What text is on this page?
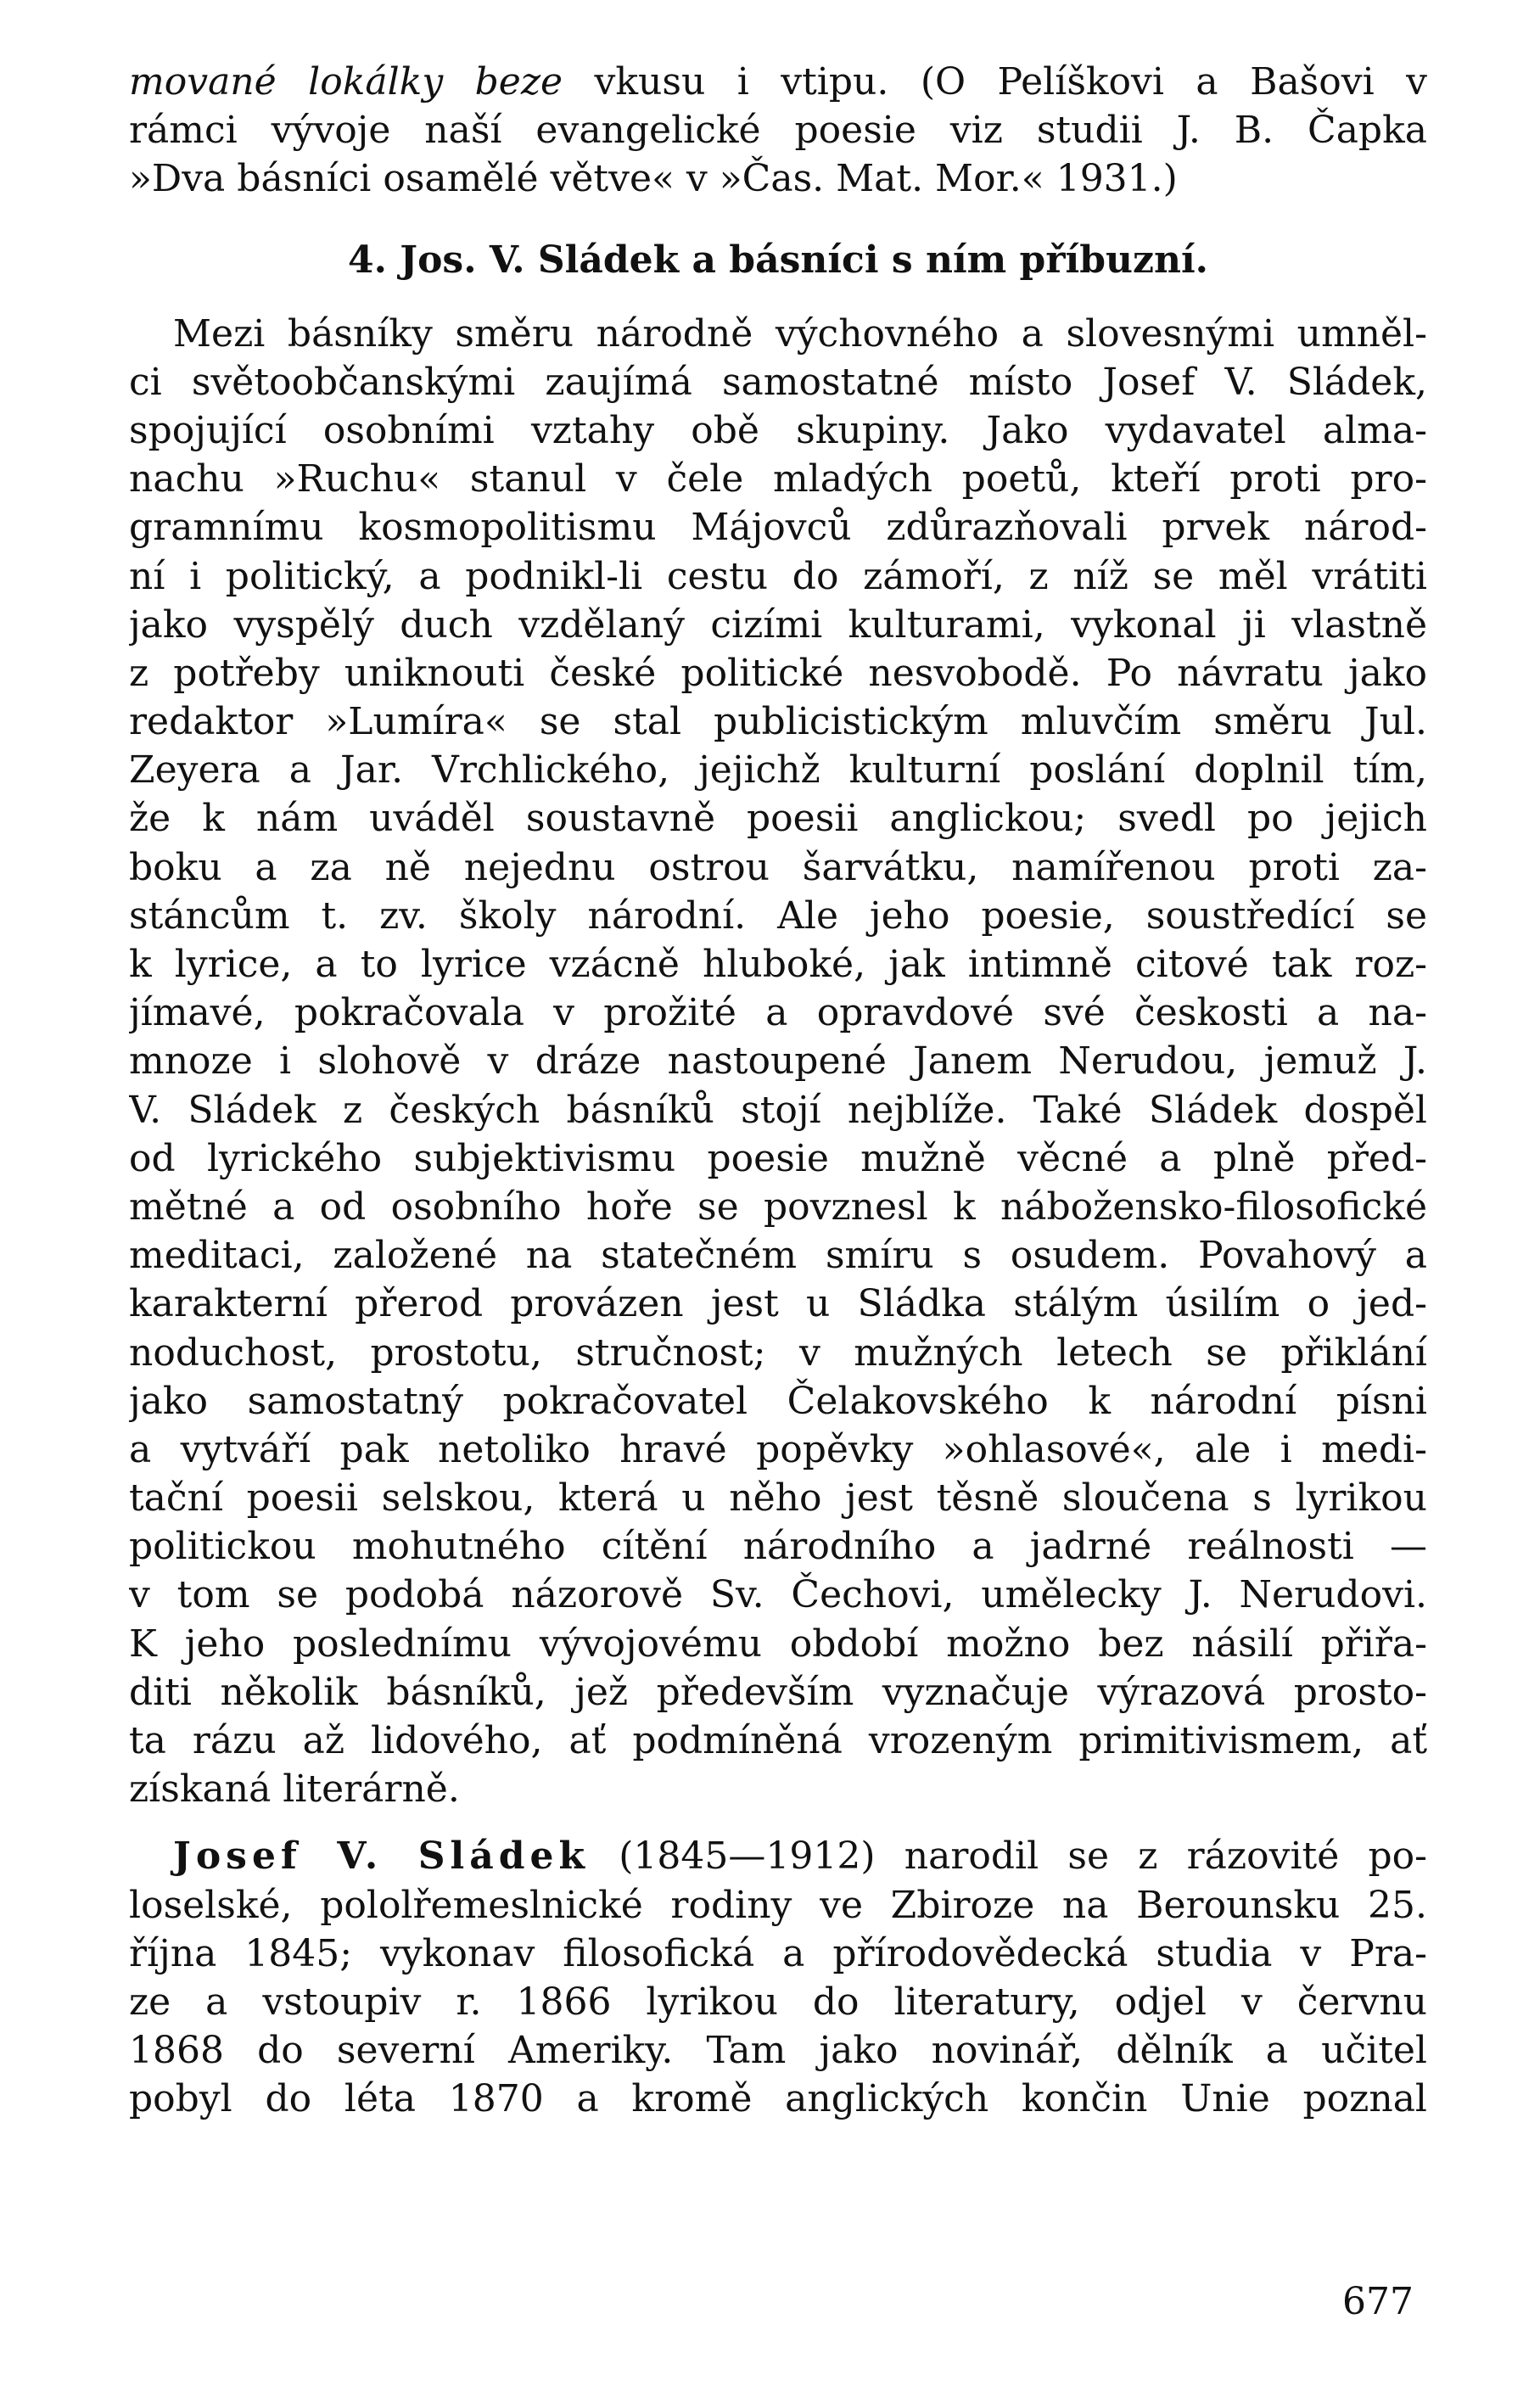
mované lokálky beze vkusu i vtipu. (O Pelíškovi a Bašovi v
rámci vývoje naší evangelické poesie viz studii J. B. Čapka
»Dva básníci osamělé větve« v »Čas. Mat. Mor.« 1931.)
4. Jos. V. Sládek a básníci s ním příbuzní.
Mezi básníky směru národně výchovného a slovesnými umněl-
ci světoobčanskými zaujímá samostatné místo Josef V. Sládek,
spojující osobními vztahy obě skupiny. Jako vydavatel alma-
nachu »Ruchu« stanul v čele mladých poetů, kteří proti pro-
gramnímu kosmopolitismu Májovců zdůrazňovali prvek národ-
ní i politický, a podnikl-li cestu do zámoří, z níž se měl vrátiti
jako vyspělý duch vzdělaný cizími kulturami, vykonal ji vlastně
z potřeby uniknouti české politické nesvobodě. Po návratu jako
redaktor »Lumíra« se stal publicistickým mluvčím směru Jul.
Zeyera a Jar. Vrchlického, jejichž kulturní poslání doplnil tím,
že k nám uváděl soustavně poesii anglickou; svedl po jejich
boku a za ně nejednu ostrou šarvátku, namířenou proti za-
stáncům t. zv. školy národní. Ale jeho poesie, soustředící se
k lyrice, a to lyrice vzácně hluboké, jak intimně citové tak roz-
jímavé, pokračovala v prožité a opravdové své českosti a na-
mnoze i slohově v dráze nastoupené Janem Nerudou, jemuž J.
V. Sládek z českých básníků stojí nejblíže. Také Sládek dospěl
od lyrického subjektivismu poesie mužně věcné a plně před-
mětné a od osobního hoře se povznesl k nábožensko-filosofické
meditaci, založené na statečném smíru s osudem. Povahový a
karakterní přerod provázen jest u Sládka stálým úsilím o jed-
noduchost, prostotu, stručnost; v mužných letech se přiklání
jako samostatný pokračovatel Čelakovského k národní písni
a vytváří pak netoliko hravé popěvky »ohlasové«, ale i medi-
tační poesii selskou, která u něho jest těsně sloučena s lyrikou
politickou mohutného cítění národního a jadrné reálnosti —
v tom se podobá názorově Sv. Čechovi, umělecky J. Nerudovi.
K jeho poslednímu vývojovému období možno bez násilí přiřa-
diti několik básníků, jež především vyznačuje výrazová prosto-
ta rázu až lidového, ať podmíněná vrozeným primitivismem, ať
získaná literárně.
Josef V. Sládek (1845—1912) narodil se z rázovité po-
loselské, pololřemeslnické rodiny ve Zbiroze na Berounsku 25.
října 1845; vykonav filosofická a přírodovědecká studia v Pra-
ze a vstoupiv r. 1866 lyrikou do literatury, odjel v červnu
1868 do severní Ameriky. Tam jako novinář, dělník a učitel
pobyl do léta 1870 a kromě anglických končin Unie poznal
677
